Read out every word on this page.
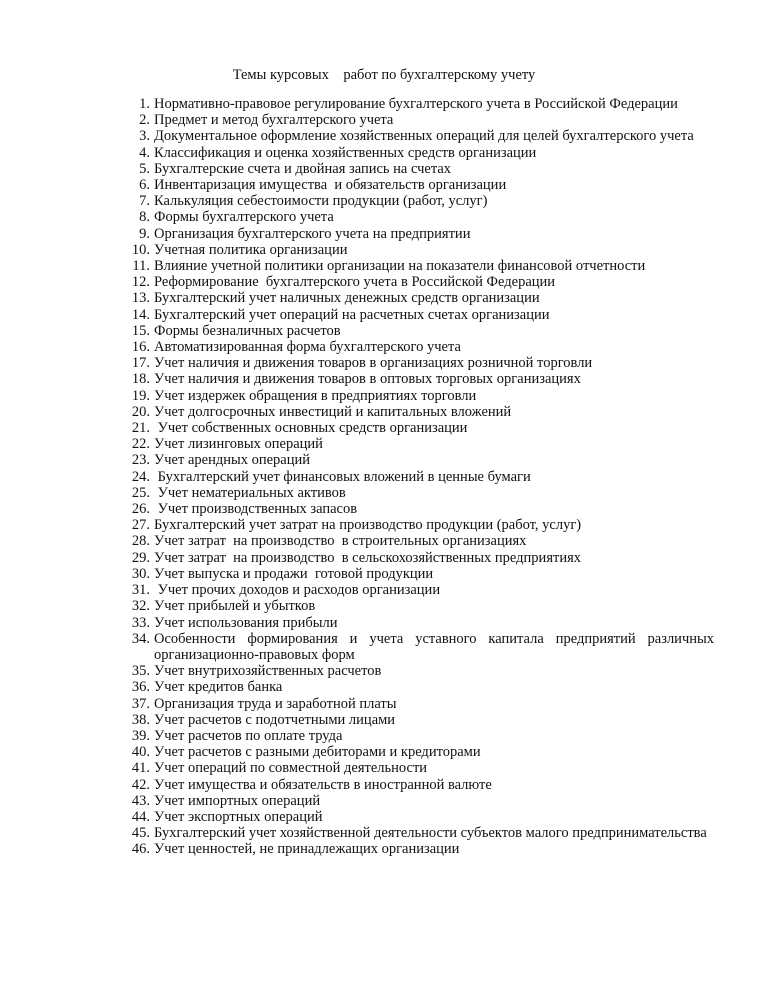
Темы курсовых    работ по бухгалтерскому учету
1. Нормативно-правовое регулирование бухгалтерского учета в Российской Федерации
2. Предмет и метод бухгалтерского учета
3. Документальное оформление хозяйственных операций для целей бухгалтерского учета
4. Классификация и оценка хозяйственных средств организации
5. Бухгалтерские счета и двойная запись на счетах
6. Инвентаризация имущества  и обязательств организации
7. Калькуляция себестоимости продукции (работ, услуг)
8. Формы бухгалтерского учета
9. Организация бухгалтерского учета на предприятии
10. Учетная политика организации
11. Влияние учетной политики организации на показатели финансовой отчетности
12. Реформирование  бухгалтерского учета в Российской Федерации
13. Бухгалтерский учет наличных денежных средств организации
14. Бухгалтерский учет операций на расчетных счетах организации
15. Формы безналичных расчетов
16. Автоматизированная форма бухгалтерского учета
17. Учет наличия и движения товаров в организациях розничной торговли
18. Учет наличия и движения товаров в оптовых торговых организациях
19. Учет издержек обращения в предприятиях торговли
20. Учет долгосрочных инвестиций и капитальных вложений
21. Учет собственных основных средств организации
22. Учет лизинговых операций
23. Учет арендных операций
24. Бухгалтерский учет финансовых вложений в ценные бумаги
25. Учет нематериальных активов
26. Учет производственных запасов
27. Бухгалтерский учет затрат на производство продукции (работ, услуг)
28. Учет затрат  на производство  в строительных организациях
29. Учет затрат  на производство  в сельскохозяйственных предприятиях
30. Учет выпуска и продажи  готовой продукции
31. Учет прочих доходов и расходов организации
32. Учет прибылей и убытков
33. Учет использования прибыли
34. Особенности формирования и учета уставного капитала предприятий различных организационно-правовых форм
35. Учет внутрихозяйственных расчетов
36. Учет кредитов банка
37. Организация труда и заработной платы
38. Учет расчетов с подотчетными лицами
39. Учет расчетов по оплате труда
40. Учет расчетов с разными дебиторами и кредиторами
41. Учет операций по совместной деятельности
42. Учет имущества и обязательств в иностранной валюте
43. Учет импортных операций
44. Учет экспортных операций
45. Бухгалтерский учет хозяйственной деятельности субъектов малого предпринимательства
46. Учет ценностей, не принадлежащих организации
